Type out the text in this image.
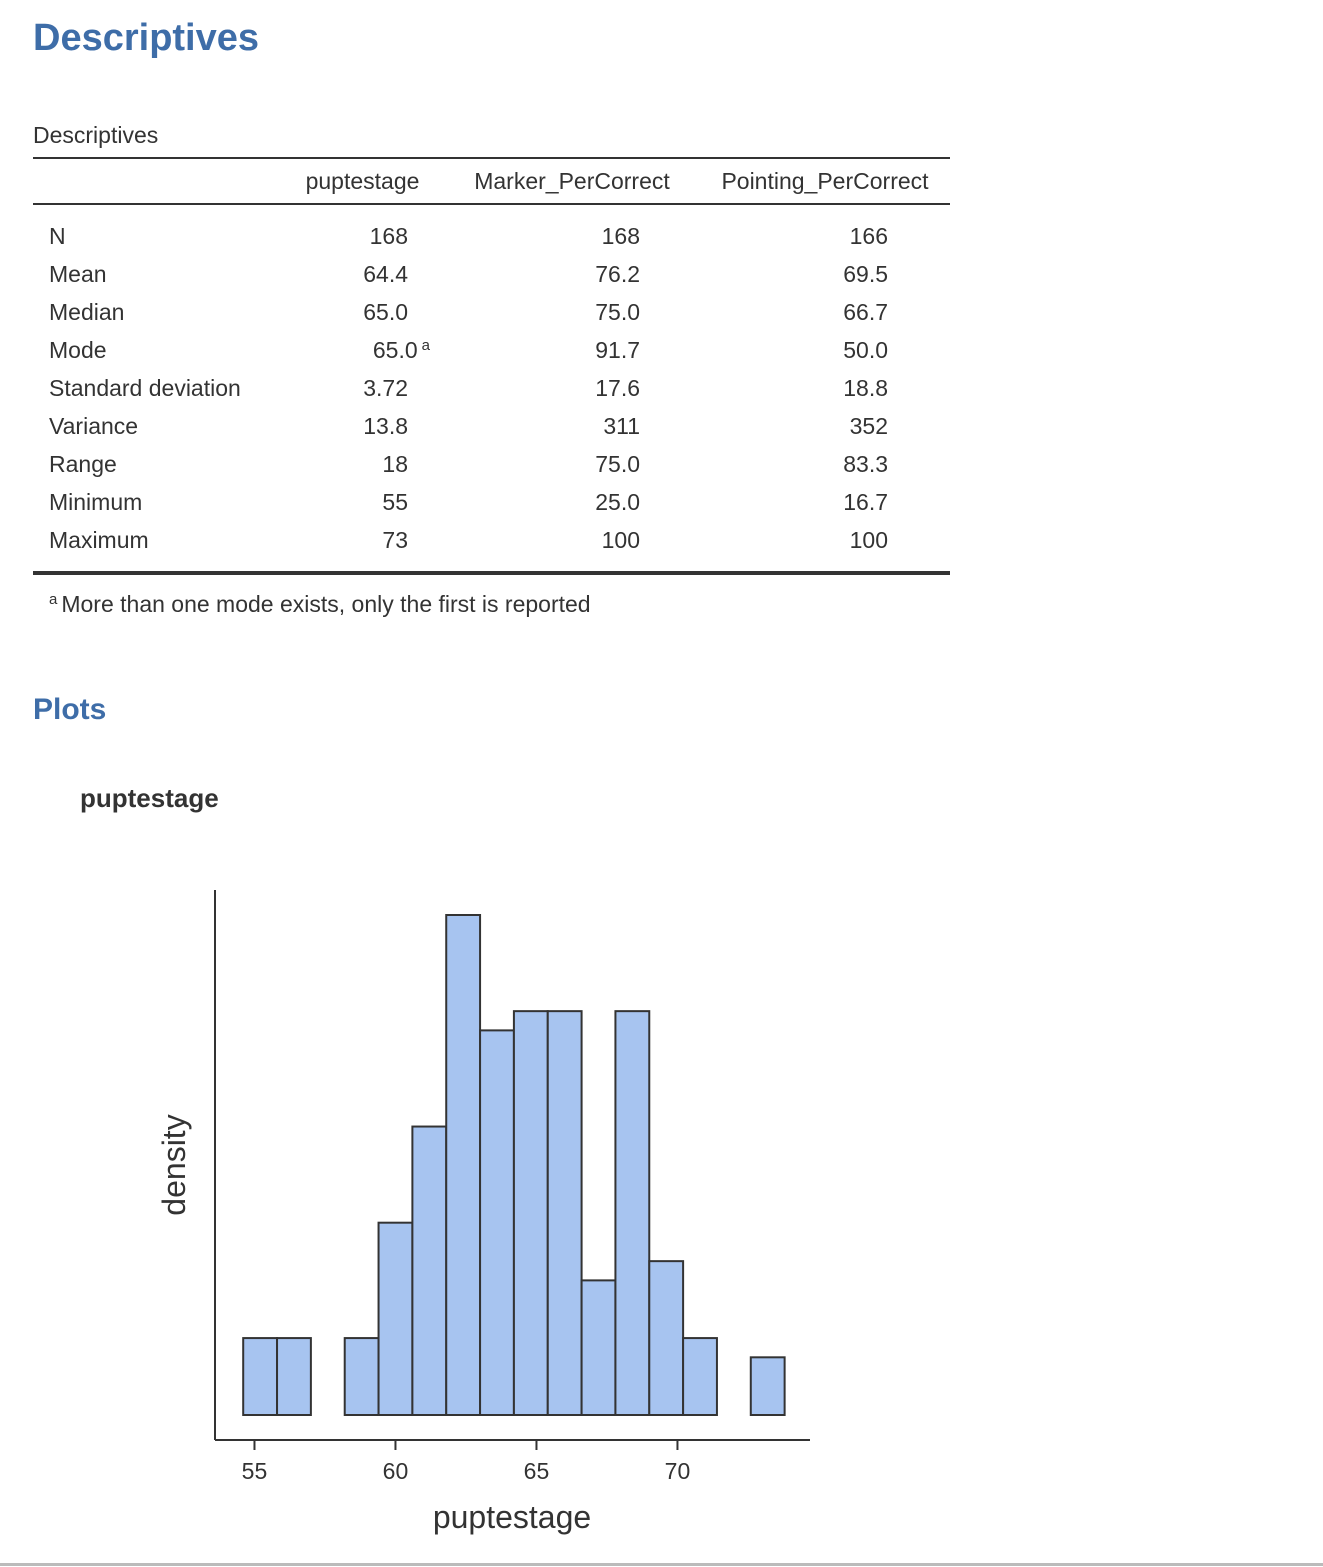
Descriptives
Descriptives
	puptestage	Marker_PerCorrect	Pointing_PerCorrect
N	168	168	166
Mean	64.4	76.2	69.5
Median	65.0	75.0	66.7
Mode	65.0 $^a$	91.7	50.0
Standard deviation	3.72	17.6	18.8
Variance	13.8	311	352
Range	18	75.0	83.3
Minimum	55	25.0	16.7
Maximum	73	100	100
$^a$ More than one mode exists, only the first is reported			
Plots
puptestage
55	60	65	70
puptestage
density
